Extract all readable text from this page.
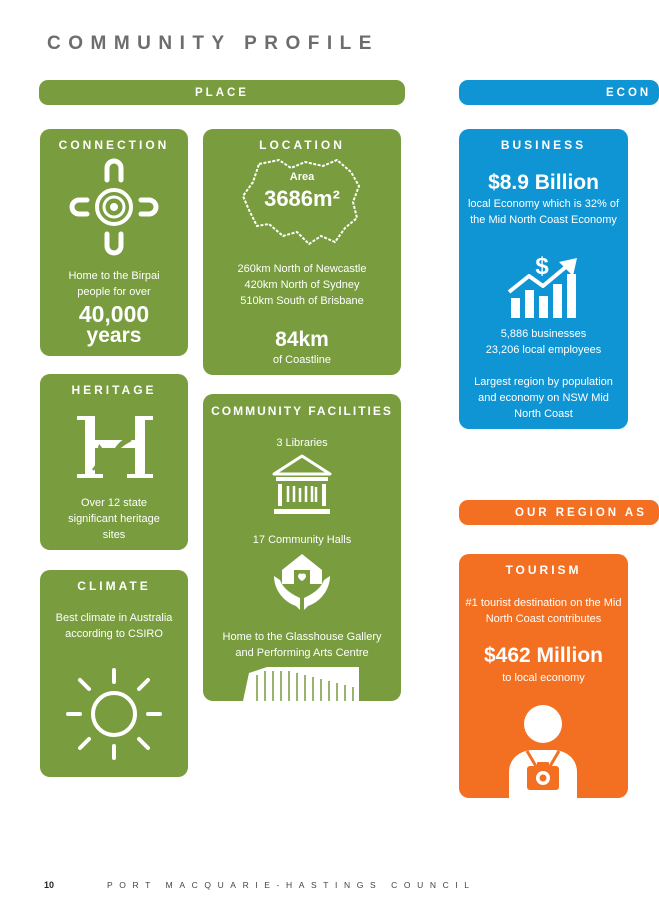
COMMUNITY PROFILE
PLACE	ECON
OUR REGION AS
CONNECTION
Home to the Birpai people for over
40,000
years
LOCATION
Area
3686m²
260km North of Newcastle
420km North of Sydney
510km South of Brisbane
84km
of Coastline
HERITAGE
Over 12 state significant heritage sites
COMMUNITY FACILITIES
3 Libraries
17 Community Halls
Home to the Glasshouse Gallery and Performing Arts Centre
CLIMATE
Best climate in Australia according to CSIRO
BUSINESS
$8.9 Billion
local Economy which is 32% of the Mid North Coast Economy
$
5,886 businesses
23,206 local employees
Largest region by population and economy on NSW Mid North Coast
TOURISM
#1 tourist destination on the Mid North Coast contributes
$462 Million
to local economy
10	PORT MACQUARIE-HASTINGS COUNCIL
